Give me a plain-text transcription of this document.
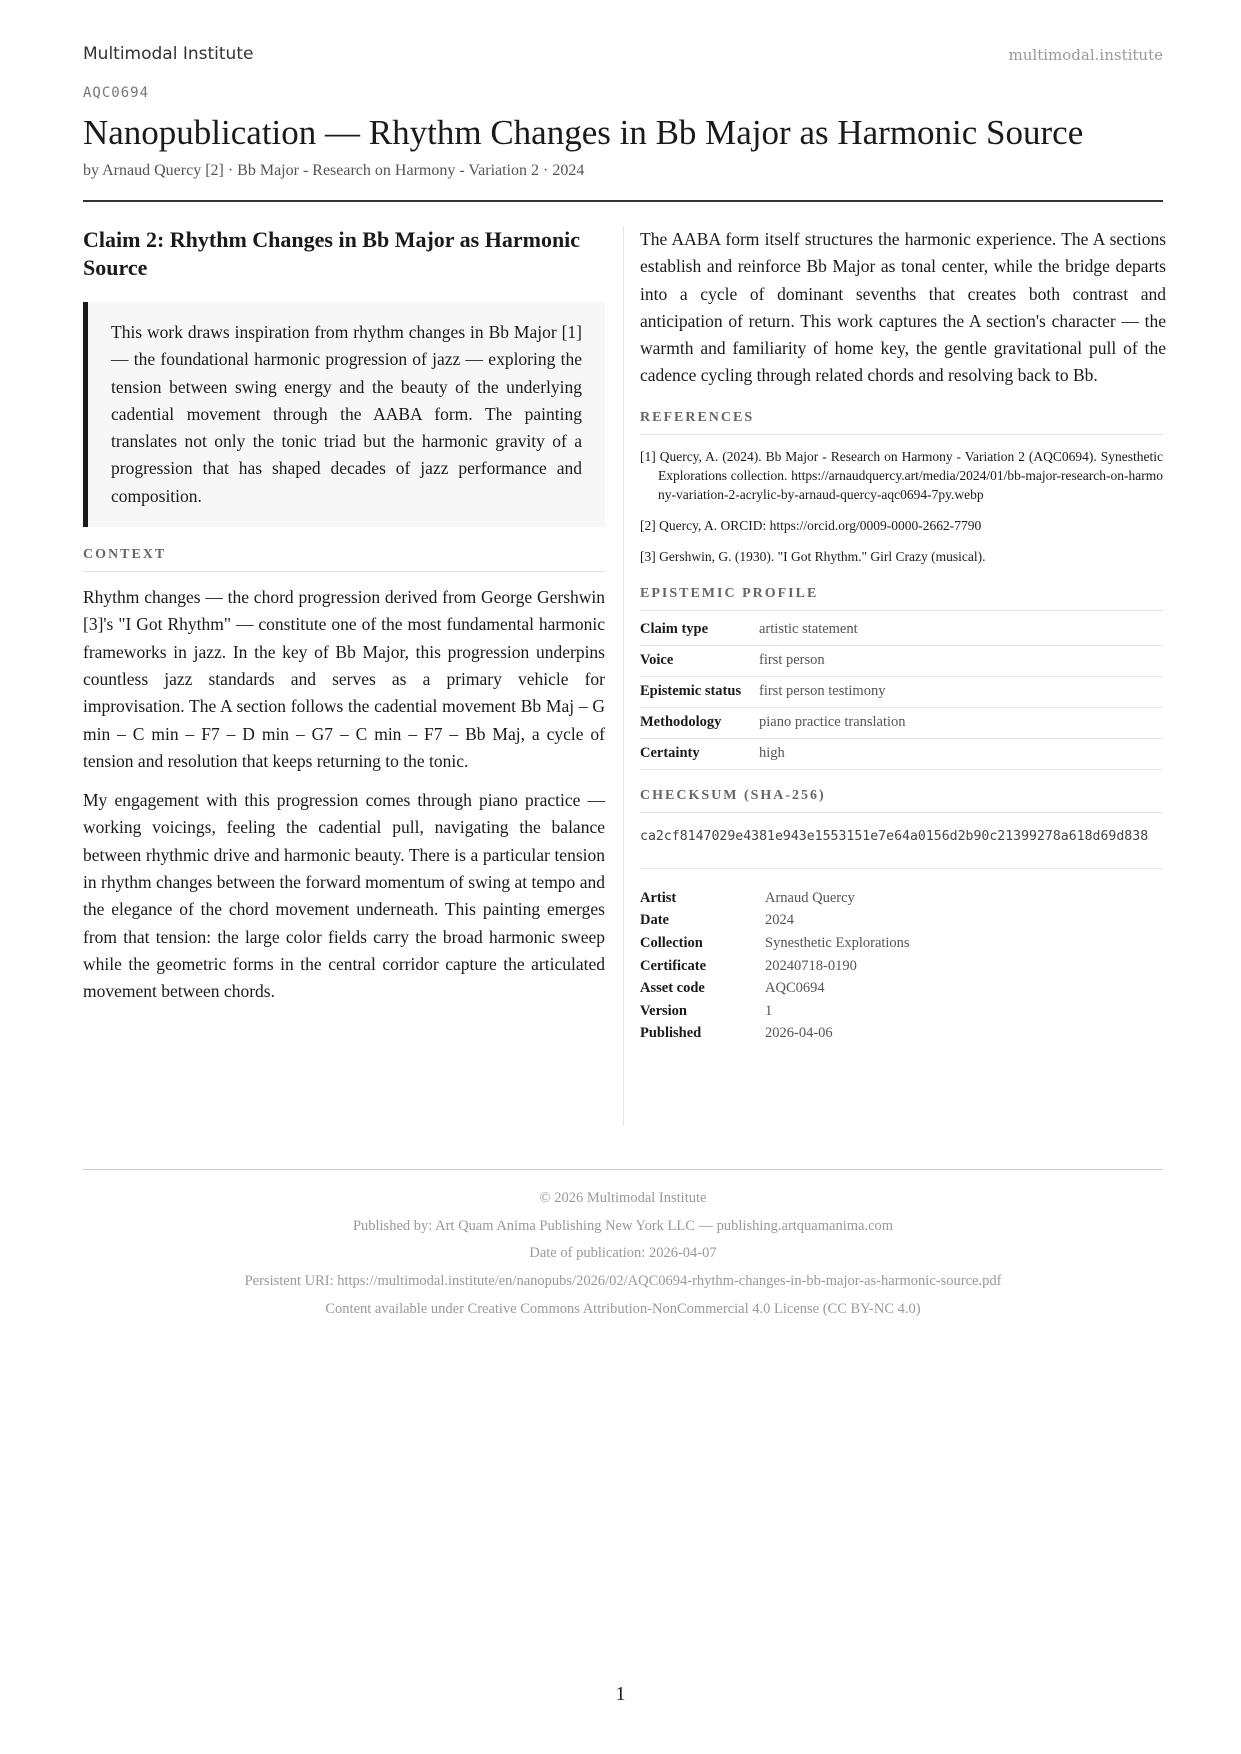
Multimodal Institute	multimodal.institute
AQC0694
Nanopublication — Rhythm Changes in Bb Major as Harmonic Source
by Arnaud Quercy [2] · Bb Major - Research on Harmony - Variation 2 · 2024
Claim 2: Rhythm Changes in Bb Major as Harmonic Source
This work draws inspiration from rhythm changes in Bb Major [1] — the foundational harmonic progression of jazz — exploring the tension between swing energy and the beauty of the underlying cadential movement through the AABA form. The painting translates not only the tonic triad but the harmonic gravity of a progression that has shaped decades of jazz performance and composition.
CONTEXT

Rhythm changes — the chord progression derived from George Gershwin [3]'s "I Got Rhythm" — constitute one of the most fundamental harmonic frameworks in jazz. In the key of Bb Major, this progression underpins countless jazz standards and serves as a primary vehicle for improvisation. The A section follows the cadential movement Bb Maj – G min – C min – F7 – D min – G7 – C min – F7 – Bb Maj, a cycle of tension and resolution that keeps returning to the tonic.

My engagement with this progression comes through piano practice — working voicings, feeling the cadential pull, navigating the balance between rhythmic drive and harmonic beauty. There is a particular tension in rhythm changes between the forward momentum of swing at tempo and the elegance of the chord movement underneath. This painting emerges from that tension: the large color fields carry the broad harmonic sweep while the geometric forms in the central corridor capture the articulated movement between chords.

The AABA form itself structures the harmonic experience. The A sections establish and reinforce Bb Major as tonal center, while the bridge departs into a cycle of dominant sevenths that creates both contrast and anticipation of return. This work captures the A section's character — the warmth and familiarity of home key, the gentle gravitational pull of the cadence cycling through related chords and resolving back to Bb.

REFERENCES

[1] Quercy, A. (2024). Bb Major - Research on Harmony - Variation 2 (AQC0694). Synesthetic Explorations collection. https://arnaudquercy.art/media/2024/01/bb-major-research-on-harmony-variation-2-acrylic-by-arnaud-quercy-aqc0694-7py.webp

[2] Quercy, A. ORCID: https://orcid.org/0009-0000-2662-7790

[3] Gershwin, G. (1930). "I Got Rhythm." Girl Crazy (musical).

EPISTEMIC PROFILE
Claim type	artistic statement
Voice	first person
Epistemic status	first person testimony
Methodology	piano practice translation
Certainty	high
CHECKSUM (SHA-256)
ca2cf8147029e4381e943e1553151e7e64a0156d2b90c21399278a618d69d838
Artist	Arnaud Quercy
Date	2024
Collection	Synesthetic Explorations
Certificate	20240718-0190
Asset code	AQC0694
Version	1
Published	2026-04-06
© 2026 Multimodal Institute
Published by: Art Quam Anima Publishing New York LLC — publishing.artquamanima.com
Date of publication: 2026-04-07
Persistent URI: https://multimodal.institute/en/nanopubs/2026/02/AQC0694-rhythm-changes-in-bb-major-as-harmonic-source.pdf
Content available under Creative Commons Attribution-NonCommercial 4.0 License (CC BY-NC 4.0)
1
